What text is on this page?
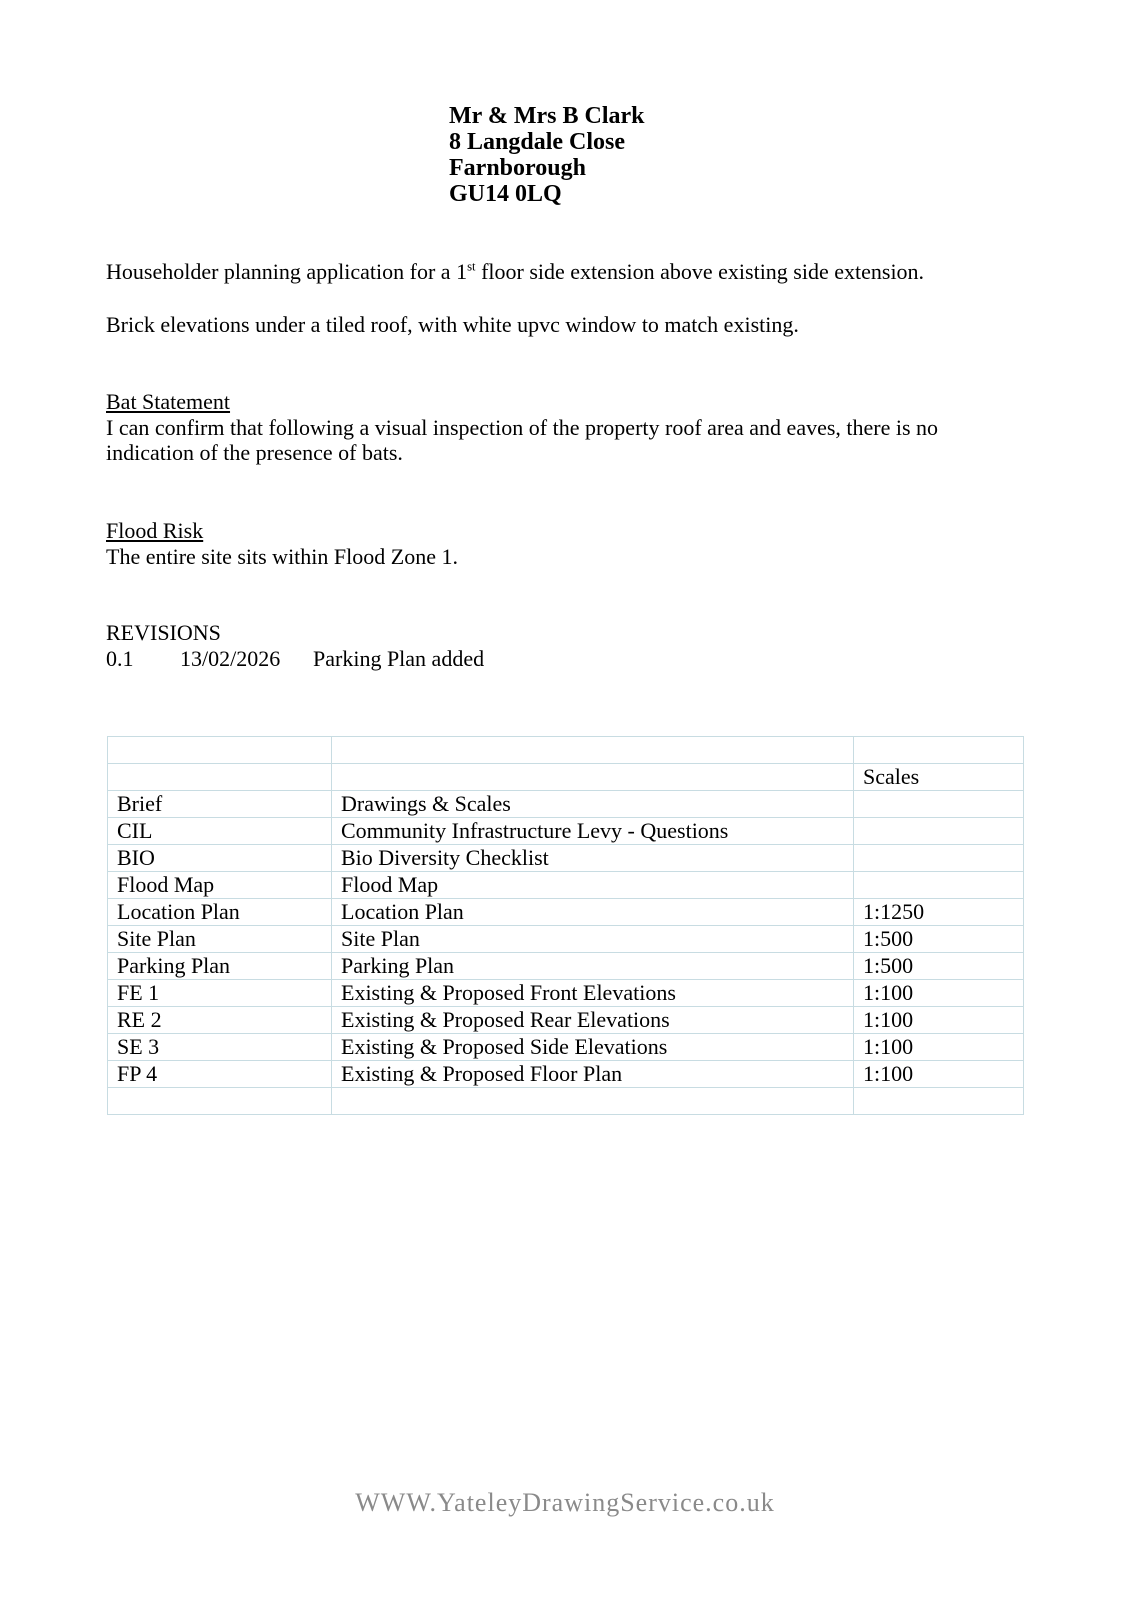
Mr & Mrs B Clark
8 Langdale Close
Farnborough
GU14 0LQ
Householder planning application for a 1st floor side extension above existing side extension.
Brick elevations under a tiled roof, with white upvc window to match existing.
Bat Statement
I can confirm that following a visual inspection of the property roof area and eaves, there is no
indication of the presence of bats.
Flood Risk
The entire site sits within Flood Zone 1.
REVISIONS
0.1 13/02/2026 Parking Plan added

		Scales
Brief	Drawings & Scales	
CIL	Community Infrastructure Levy - Questions	
BIO	Bio Diversity Checklist	
Flood Map	Flood Map	
Location Plan	Location Plan	1:1250
Site Plan	Site Plan	1:500
Parking Plan	Parking Plan	1:500
FE 1	Existing & Proposed Front Elevations	1:100
RE 2	Existing & Proposed Rear Elevations	1:100
SE 3	Existing & Proposed Side Elevations	1:100
FP 4	Existing & Proposed Floor Plan	1:100

WWW.YateleyDrawingService.co.uk
